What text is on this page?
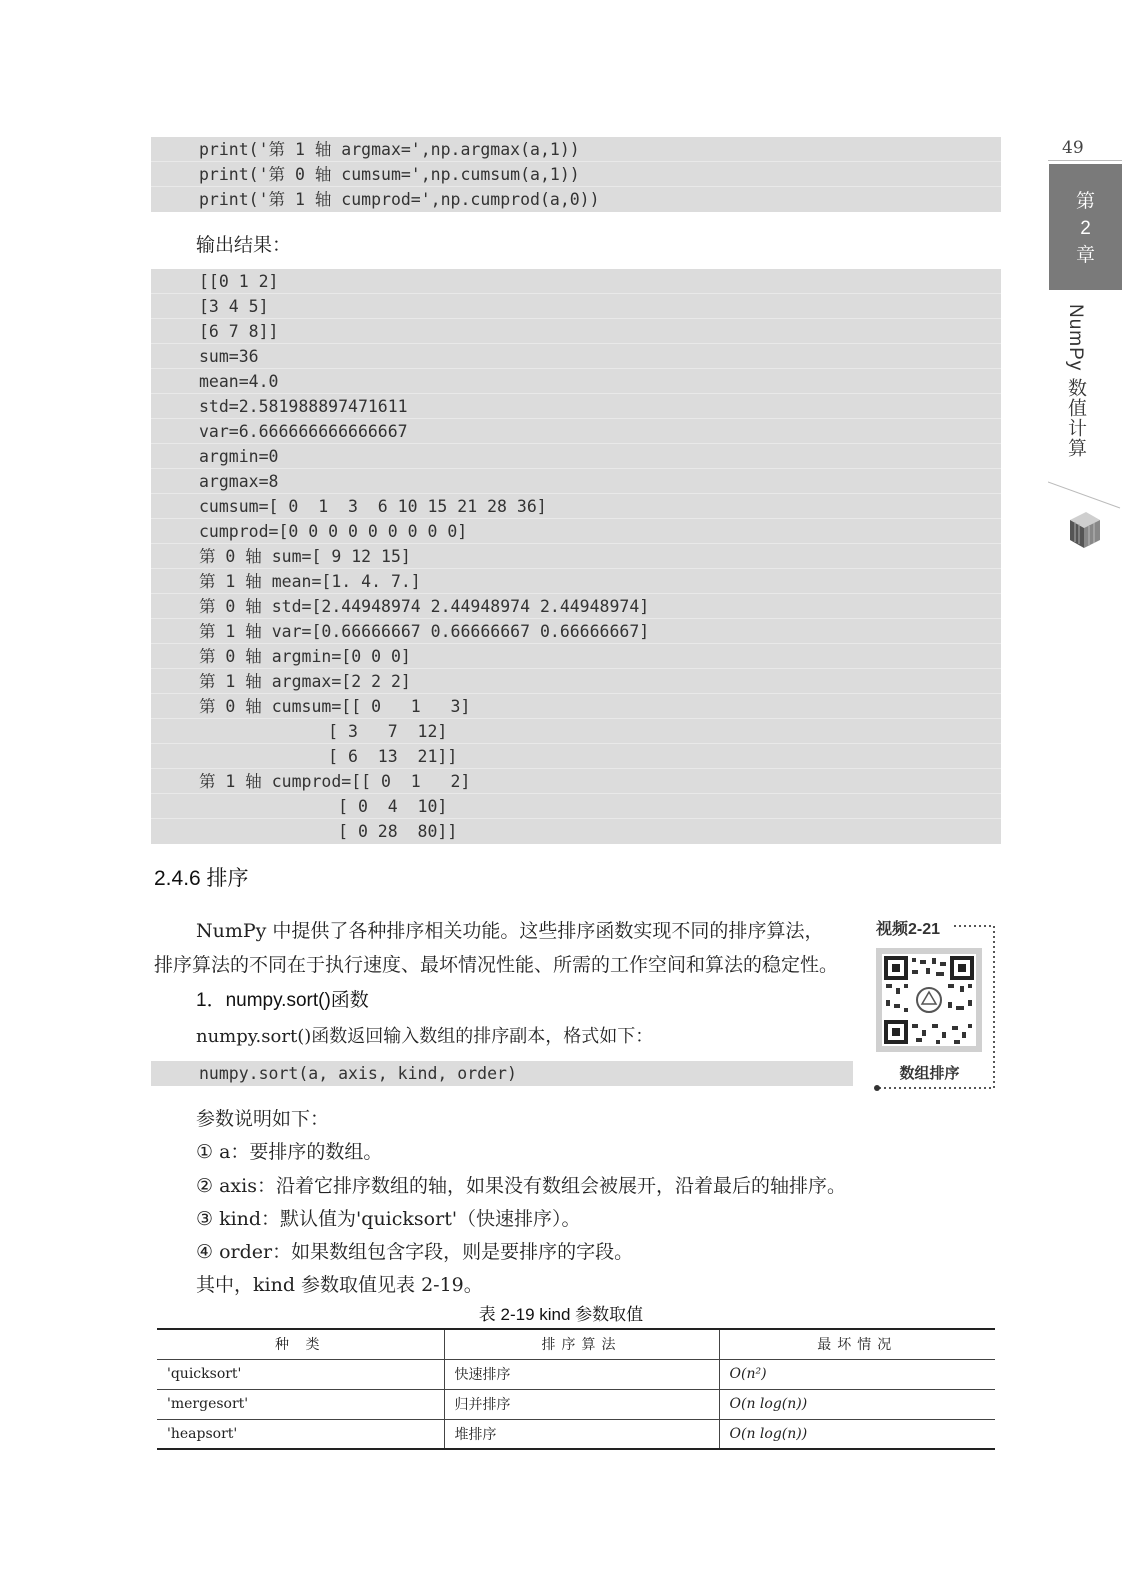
49
第
2
章
NumPy 数值计算
print('第 1 轴 argmax=',np.argmax(a,1))
print('第 0 轴 cumsum=',np.cumsum(a,1))
print('第 1 轴 cumprod=',np.cumprod(a,0))
输出结果：
[[0 1 2]
[3 4 5]
[6 7 8]]
sum=36
mean=4.0
std=2.581988897471611
var=6.666666666666667
argmin=0
argmax=8
cumsum=[ 0  1  3  6 10 15 21 28 36]
cumprod=[0 0 0 0 0 0 0 0 0]
第 0 轴 sum=[ 9 12 15]
第 1 轴 mean=[1. 4. 7.]
第 0 轴 std=[2.44948974 2.44948974 2.44948974]
第 1 轴 var=[0.66666667 0.66666667 0.66666667]
第 0 轴 argmin=[0 0 0]
第 1 轴 argmax=[2 2 2]
第 0 轴 cumsum=[[ 0   1   3]
[ 3   7  12]
[ 6  13  21]]
第 1 轴 cumprod=[[ 0  1   2]
[ 0  4  10]
[ 0 28  80]]
2.4.6 排序
NumPy 中提供了各种排序相关功能。这些排序函数实现不同的排序算法，
排序算法的不同在于执行速度、最坏情况性能、所需的工作空间和算法的稳定性。
1．numpy.sort()函数
numpy.sort()函数返回输入数组的排序副本，格式如下：
numpy.sort(a, axis, kind, order)
视频2-21
数组排序
参数说明如下：
① a：要排序的数组。
② axis：沿着它排序数组的轴，如果没有数组会被展开，沿着最后的轴排序。
③ kind：默认值为'quicksort'（快速排序）。
④ order：如果数组包含字段，则是要排序的字段。
其中，kind 参数取值见表 2-19。
表 2-19 kind 参数取值
种 类	排序算法	最坏情况
'quicksort'	快速排序	O(n²)
'mergesort'	归并排序	O(n log(n))
'heapsort'	堆排序	O(n log(n))
